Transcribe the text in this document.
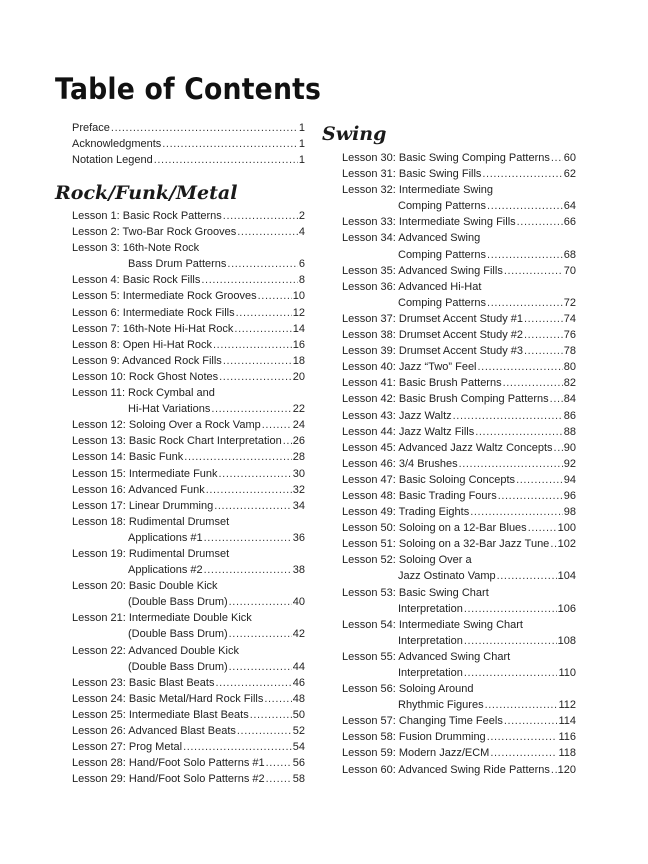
Table of Contents
Preface .....	1
Acknowledgments .....	1
Notation Legend .....	1
Rock/Funk/Metal
Lesson 1: Basic Rock Patterns .....	2
Lesson 2: Two-Bar Rock Grooves .....	4
Lesson 3: 16th-Note Rock
Bass Drum Patterns .....	6
Lesson 4: Basic Rock Fills .....	8
Lesson 5: Intermediate Rock Grooves .....	10
Lesson 6: Intermediate Rock Fills .....	12
Lesson 7: 16th-Note Hi-Hat Rock .....	14
Lesson 8: Open Hi-Hat Rock .....	16
Lesson 9: Advanced Rock Fills .....	18
Lesson 10: Rock Ghost Notes .....	20
Lesson 11: Rock Cymbal and
Hi-Hat Variations .....	22
Lesson 12: Soloing Over a Rock Vamp .....	24
Lesson 13: Basic Rock Chart Interpretation ..... 26
Lesson 14: Basic Funk .....	28
Lesson 15: Intermediate Funk .....	30
Lesson 16: Advanced Funk .....	32
Lesson 17: Linear Drumming .....	34
Lesson 18: Rudimental Drumset
Applications #1 .....	36
Lesson 19: Rudimental Drumset
Applications #2 .....	38
Lesson 20: Basic Double Kick
(Double Bass Drum) .....	40
Lesson 21: Intermediate Double Kick
(Double Bass Drum) .....	42
Lesson 22: Advanced Double Kick
(Double Bass Drum) .....	44
Lesson 23: Basic Blast Beats .....	46
Lesson 24: Basic Metal/Hard Rock Fills .....	48
Lesson 25: Intermediate Blast Beats .....	50
Lesson 26: Advanced Blast Beats .....	52
Lesson 27: Prog Metal .....	54
Lesson 28: Hand/Foot Solo Patterns #1 .....	56
Lesson 29: Hand/Foot Solo Patterns #2 .....	58
Swing
Lesson 30: Basic Swing Comping Patterns ..... 60
Lesson 31: Basic Swing Fills .....	62
Lesson 32: Intermediate Swing
Comping Patterns .....	64
Lesson 33: Intermediate Swing Fills .....	66
Lesson 34: Advanced Swing
Comping Patterns .....	68
Lesson 35: Advanced Swing Fills .....	70
Lesson 36: Advanced Hi-Hat
Comping Patterns .....	72
Lesson 37: Drumset Accent Study #1 .....	74
Lesson 38: Drumset Accent Study #2 .....	76
Lesson 39: Drumset Accent Study #3 .....	78
Lesson 40: Jazz “Two” Feel .....	80
Lesson 41: Basic Brush Patterns .....	82
Lesson 42: Basic Brush Comping Patterns ..... 84
Lesson 43: Jazz Waltz .....	86
Lesson 44: Jazz Waltz Fills .....	88
Lesson 45: Advanced Jazz Waltz Concepts ..... 90
Lesson 46: 3/4 Brushes .....	92
Lesson 47: Basic Soloing Concepts .....	94
Lesson 48: Basic Trading Fours .....	96
Lesson 49: Trading Eights .....	98
Lesson 50: Soloing on a 12-Bar Blues .....	100
Lesson 51: Soloing on a 32-Bar Jazz Tune ..... 102
Lesson 52: Soloing Over a
Jazz Ostinato Vamp .....	104
Lesson 53: Basic Swing Chart
Interpretation .....	106
Lesson 54: Intermediate Swing Chart
Interpretation .....	108
Lesson 55: Advanced Swing Chart
Interpretation .....	110
Lesson 56: Soloing Around
Rhythmic Figures .....	112
Lesson 57: Changing Time Feels .....	114
Lesson 58: Fusion Drumming .....	116
Lesson 59: Modern Jazz/ECM .....	118
Lesson 60: Advanced Swing Ride Patterns ..... 120
